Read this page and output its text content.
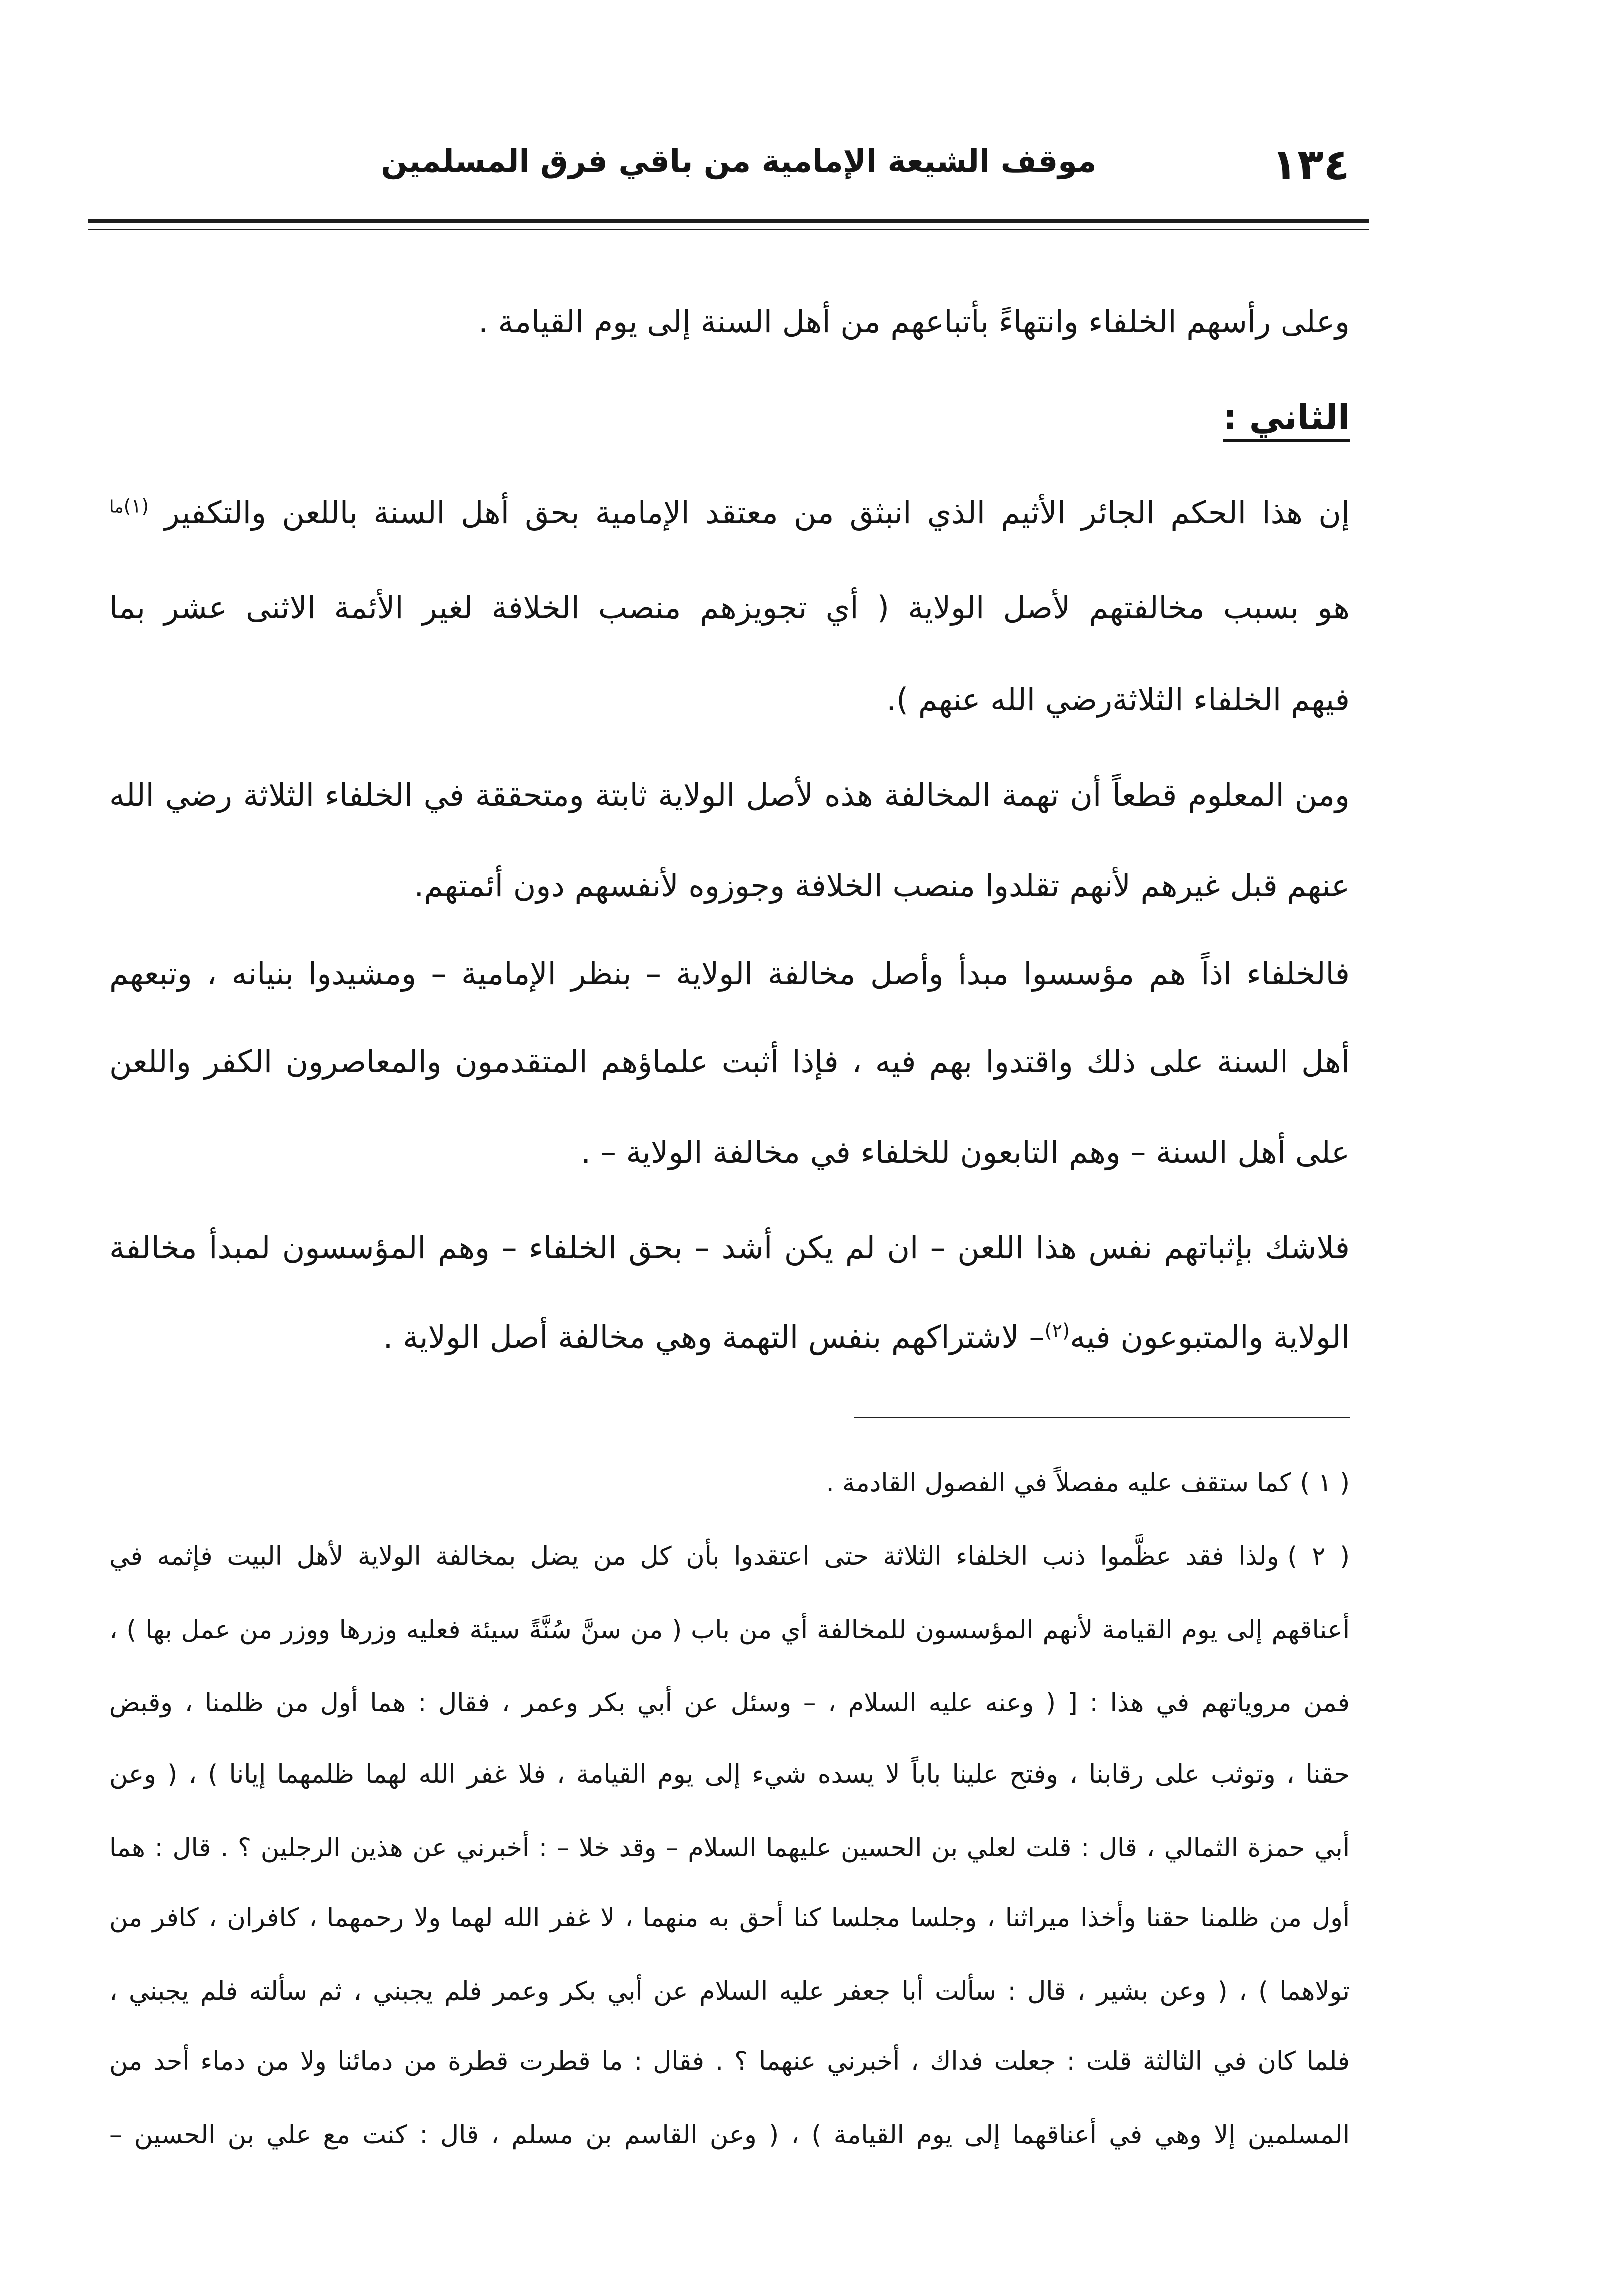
١٣٤
موقف الشيعة الإمامية من باقي فرق المسلمين
وعلى رأسهم الخلفاء وانتهاءً بأتباعهم من أهل السنة إلى يوم القيامة .
الثاني :
إن هذا الحكم الجائر الأثيم الذي انبثق من معتقد الإمامية بحق أهل السنة باللعن والتكفير $^{(١)ما}$
هو بسبب مخالفتهم لأصل الولاية ( أي تجويزهم منصب الخلافة لغير الأئمة الاثنى عشر بما
فيهم الخلفاء الثلاثةرضي الله عنهم ).
ومن المعلوم قطعاً أن تهمة المخالفة هذه لأصل الولاية ثابتة ومتحققة في الخلفاء الثلاثة رضي الله
عنهم قبل غيرهم لأنهم تقلدوا منصب الخلافة وجوزوه لأنفسهم دون أئمتهم.
فالخلفاء اذاً هم مؤسسوا مبدأ وأصل مخالفة الولاية – بنظر الإمامية – ومشيدوا بنيانه ، وتبعهم
أهل السنة على ذلك واقتدوا بهم فيه ، فإذا أثبت علماؤهم المتقدمون والمعاصرون الكفر واللعن
على أهل السنة – وهم التابعون للخلفاء في مخالفة الولاية – .
فلاشك بإثباتهم نفس هذا اللعن – ان لم يكن أشد – بحق الخلفاء – وهم المؤسسون لمبدأ مخالفة
الولاية والمتبوعون فيه$^{(٢)}$– لاشتراكهم بنفس التهمة وهي مخالفة أصل الولاية .
( ١ )كما ستقف عليه مفصلاً في الفصول القادمة .
( ٢ )ولذا فقد عظَّموا ذنب الخلفاء الثلاثة حتى اعتقدوا بأن كل من يضل بمخالفة الولاية لأهل البيت فإثمه في
أعناقهم إلى يوم القيامة لأنهم المؤسسون للمخالفة أي من باب ( من سنَّ سُنَّةً سيئة فعليه وزرها ووزر من عمل بها ) ،
فمن مروياتهم في هذا : [ ( وعنه عليه السلام ، – وسئل عن أبي بكر وعمر ، فقال : هما أول من ظلمنا ، وقبض
حقنا ، وتوثب على رقابنا ، وفتح علينا باباً لا يسده شيء إلى يوم القيامة ، فلا غفر الله لهما ظلمهما إيانا ) ، ( وعن
أبي حمزة الثمالي ، قال : قلت لعلي بن الحسين عليهما السلام – وقد خلا – : أخبرني عن هذين الرجلين ؟ . قال : هما
أول من ظلمنا حقنا وأخذا ميراثنا ، وجلسا مجلسا كنا أحق به منهما ، لا غفر الله لهما ولا رحمهما ، كافران ، كافر من
تولاهما ) ، ( وعن بشير ، قال : سألت أبا جعفر عليه السلام عن أبي بكر وعمر فلم يجبني ، ثم سألته فلم يجبني ،
فلما كان في الثالثة قلت : جعلت فداك ، أخبرني عنهما ؟ . فقال : ما قطرت قطرة من دمائنا ولا من دماء أحد من
المسلمين إلا وهي في أعناقهما إلى يوم القيامة ) ، ( وعن القاسم بن مسلم ، قال : كنت مع علي بن الحسين –
